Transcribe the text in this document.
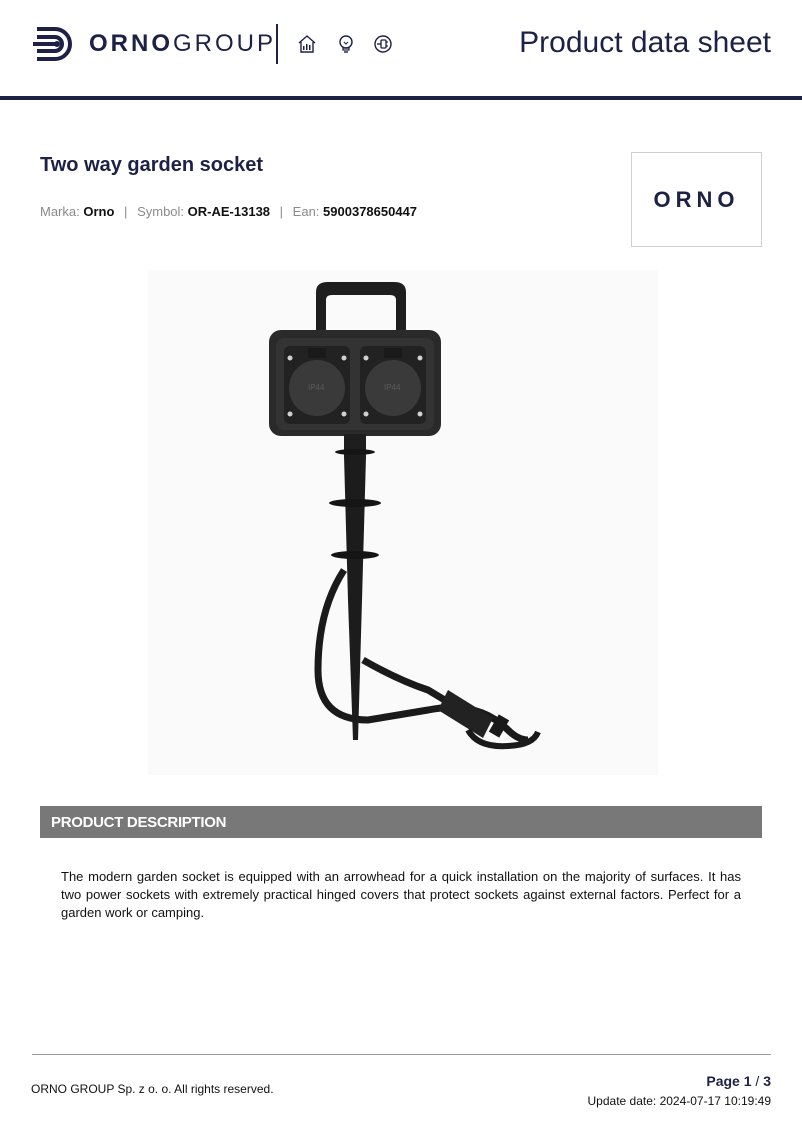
ORNOGROUP	Product data sheet
Two way garden socket
Marka: Orno | Symbol: OR-AE-13138 | Ean: 5900378650447	ORNO
IP44	IP44
PRODUCT DESCRIPTION
The modern garden socket is equipped with an arrowhead for a quick installation on the majority of surfaces. It has two power sockets with extremely practical hinged covers that protect sockets against external factors. Perfect for a garden work or camping.
ORNO GROUP Sp. z o. o. All rights reserved.	Page 1 / 3
Update date: 2024-07-17 10:19:49
